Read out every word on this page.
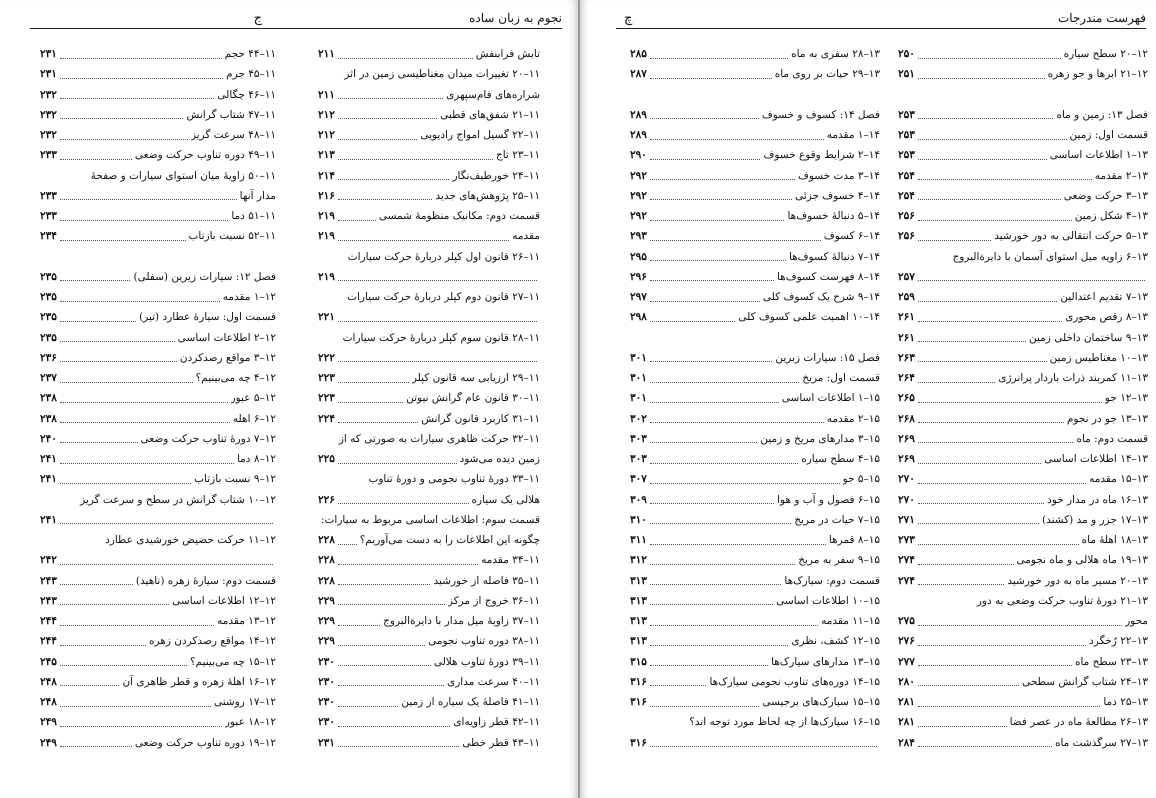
نجوم به زبان ساده
ج
تابش فرابنفش
۲۱۱
۱۱–۲۰ تغییرات میدان مغناطیسی زمین در اثر
شراره‌های فام‌سپهری
۲۱۱
۱۱–۲۱ شفق‌های قطبی
۲۱۲
۱۱–۲۲ گسیل امواج رادیویی
۲۱۲
۱۱–۲۳ تاج
۲۱۳
۱۱–۲۴ خورطیف‌نگار
۲۱۴
۱۱–۲۵ پژوهش‌های جدید
۲۱۶
قسمت دوم: مکانیک منظومهٔ شمسی
۲۱۹
مقدمه
۲۱۹
۱۱–۲۶ قانون اول کپلر دربارهٔ حرکت سیارات
۲۱۹
۱۱–۲۷ قانون دوم کپلر دربارهٔ حرکت سیارات
۲۲۱
۱۱–۲۸ قانون سوم کپلر دربارهٔ حرکت سیارات
۲۲۲
۱۱–۲۹ ارزیابی سه قانون کپلر
۲۲۳
۱۱–۳۰ قانون عام گرانش نیوتن
۲۲۳
۱۱–۳۱ کاربرد قانون گرانش
۲۲۴
۱۱–۳۲ حرکت ظاهری سیارات به صورتی که از
زمین دیده می‌شود
۲۲۵
۱۱–۳۳ دورهٔ تناوب نجومی و دورهٔ تناوب
هلالی یک سیاره
۲۲۶
قسمت سوم: اطلاعات اساسی مربوط به سیارات:
چگونه این اطلاعات را به دست می‌آوریم؟
۲۲۸
۱۱–۳۴ مقدمه
۲۲۸
۱۱–۳۵ فاصله از خورشید
۲۲۸
۱۱–۳۶ خروج از مرکز
۲۲۹
۱۱–۳۷ زاویهٔ میل مدار با دایرةالبروج
۲۲۹
۱۱–۳۸ دوره تناوب نجومی
۲۲۹
۱۱–۳۹ دورهٔ تناوب هلالی
۲۳۰
۱۱–۴۰ سرعت مداری
۲۳۰
۱۱–۴۱ فاصلهٔ یک سیاره از زمین
۲۳۰
۱۱–۴۲ قطر زاویه‌ای
۲۳۰
۱۱–۴۳ قطر خطی
۲۳۱
۱۱–۴۴ حجم
۲۳۱
۱۱–۴۵ جرم
۲۳۱
۱۱–۴۶ چگالی
۲۳۲
۱۱–۴۷ شتاب گرانش
۲۳۲
۱۱–۴۸ سرعت گریز
۲۳۲
۱۱–۴۹ دوره تناوب حرکت وضعی
۲۳۳
۱۱–۵۰ زاویهٔ میان استوای سیارات و صفحهٔ
مدار آنها
۲۳۳
۱۱–۵۱ دما
۲۳۳
۱۱–۵۲ نسبت بازتاب
۲۳۴
فصل ۱۲: سیارات زیرین (سفلی)
۲۳۵
۱۲–۱ مقدمه
۲۳۵
قسمت اول: سیارهٔ عطارد (تیر)
۲۳۵
۱۲–۲ اطلاعات اساسی
۲۳۵
۱۲–۳ مواقع رصدکردن
۲۳۶
۱۲–۴ چه می‌بینیم؟
۲۳۷
۱۲–۵ عبور
۲۳۸
۱۲–۶ اهله
۲۳۸
۱۲–۷ دورهٔ تناوب حرکت وضعی
۲۴۰
۱۲–۸ دما
۲۴۱
۱۲–۹ نسبت بازتاب
۲۴۱
۱۲–۱۰ شتاب گرانش در سطح و سرعت گریز
۲۴۱
۱۲–۱۱ حرکت حضیض خورشیدی عطارد
۲۴۲
قسمت دوم: سیارهٔ زهره (ناهید)
۲۴۳
۱۲–۱۲ اطلاعات اساسی
۲۴۳
۱۲–۱۳ مقدمه
۲۴۴
۱۲–۱۴ مواقع رصدکردن زهره
۲۴۴
۱۲–۱۵ چه می‌بینیم؟
۲۴۵
۱۲–۱۶ اهلهٔ زهره و قطر ظاهری آن
۲۴۸
۱۲–۱۷ روشنی
۲۴۸
۱۲–۱۸ عبور
۲۴۹
۱۲–۱۹ دوره تناوب حرکت وضعی
۲۴۹
فهرست مندرجات
چ
۱۲–۲۰ سطح سیاره
۲۵۰
۱۲–۲۱ ابرها و جو زهره
۲۵۱
فصل ۱۳: زمین و ماه
۲۵۳
قسمت اول: زمین
۲۵۳
۱۳–۱ اطلاعات اساسی
۲۵۳
۱۳–۲ مقدمه
۲۵۴
۱۳–۳ حرکت وضعی
۲۵۴
۱۳–۴ شکل زمین
۲۵۶
۱۳–۵ حرکت انتقالی به دور خورشید
۲۵۶
۱۳–۶ زاویه میل استوای آسمان با دایرةالبروج
۲۵۷
۱۳–۷ تقدیم اعتدالین
۲۵۹
۱۳–۸ رقص محوری
۲۶۱
۱۳–۹ ساختمان داخلی زمین
۲۶۱
۱۳–۱۰ مغناطیس زمین
۲۶۳
۱۳–۱۱ کمربند ذرات باردار پرانرژی
۲۶۴
۱۳–۱۲ جو
۲۶۵
۱۳–۱۳ جو در نجوم
۲۶۸
قسمت دوم: ماه
۲۶۹
۱۳–۱۴ اطلاعات اساسی
۲۶۹
۱۳–۱۵ مقدمه
۲۷۰
۱۳–۱۶ ماه در مدار خود
۲۷۰
۱۳–۱۷ جزر و مد (کشند)
۲۷۱
۱۳–۱۸ اهلهٔ ماه
۲۷۳
۱۳–۱۹ ماه هلالی و ماه نجومی
۲۷۴
۱۳–۲۰ مسیر ماه به دور خورشید
۲۷۴
۱۳–۲۱ دورهٔ تناوب حرکت وضعی به دور
محور
۲۷۵
۱۳–۲۲ رُخگرد
۲۷۶
۱۳–۲۳ سطح ماه
۲۷۷
۱۳–۲۴ شتاب گرانش سطحی
۲۸۰
۱۳–۲۵ دما
۲۸۱
۱۳–۲۶ مطالعهٔ ماه در عصر فضا
۲۸۱
۱۳–۲۷ سرگذشت ماه
۲۸۴
۱۳–۲۸ سفری به ماه
۲۸۵
۱۳–۲۹ حیات بر روی ماه
۲۸۷
فصل ۱۴: کسوف و خسوف
۲۸۹
۱۴–۱ مقدمه
۲۸۹
۱۴–۲ شرایط وقوع خسوف
۲۹۰
۱۴–۳ مدت خسوف
۲۹۲
۱۴–۴ خسوف جزئی
۲۹۲
۱۴–۵ دنبالهٔ خسوف‌ها
۲۹۲
۱۴–۶ کسوف
۲۹۳
۱۴–۷ دنبالهٔ کسوف‌ها
۲۹۵
۱۴–۸ فهرست کسوف‌ها
۲۹۶
۱۴–۹ شرح یک کسوف کلی
۲۹۷
۱۴–۱۰ اهمیت علمی کسوف کلی
۲۹۸
فصل ۱۵: سیارات زبرین
۳۰۱
قسمت اول: مریخ
۳۰۱
۱۵–۱ اطلاعات اساسی
۳۰۱
۱۵–۲ مقدمه
۳۰۲
۱۵–۳ مدارهای مریخ و زمین
۳۰۳
۱۵–۴ سطح سیاره
۳۰۳
۱۵–۵ جو
۳۰۷
۱۵–۶ فصول و آب و هوا
۳۰۹
۱۵–۷ حیات در مریخ
۳۱۰
۱۵–۸ قمرها
۳۱۱
۱۵–۹ سفر به مریخ
۳۱۲
قسمت دوم: سیارک‌ها
۳۱۳
۱۵–۱۰ اطلاعات اساسی
۳۱۳
۱۵–۱۱ مقدمه
۳۱۳
۱۵–۱۲ کشف، نظری
۳۱۳
۱۵–۱۳ مدارهای سیارک‌ها
۳۱۵
۱۵–۱۴ دوره‌های تناوب نجومی سیارک‌ها
۳۱۶
۱۵–۱۵ سیارک‌های برجیسی
۳۱۶
۱۵–۱۶ سیارک‌ها از چه لحاظ مورد توجه اند؟
۳۱۶
